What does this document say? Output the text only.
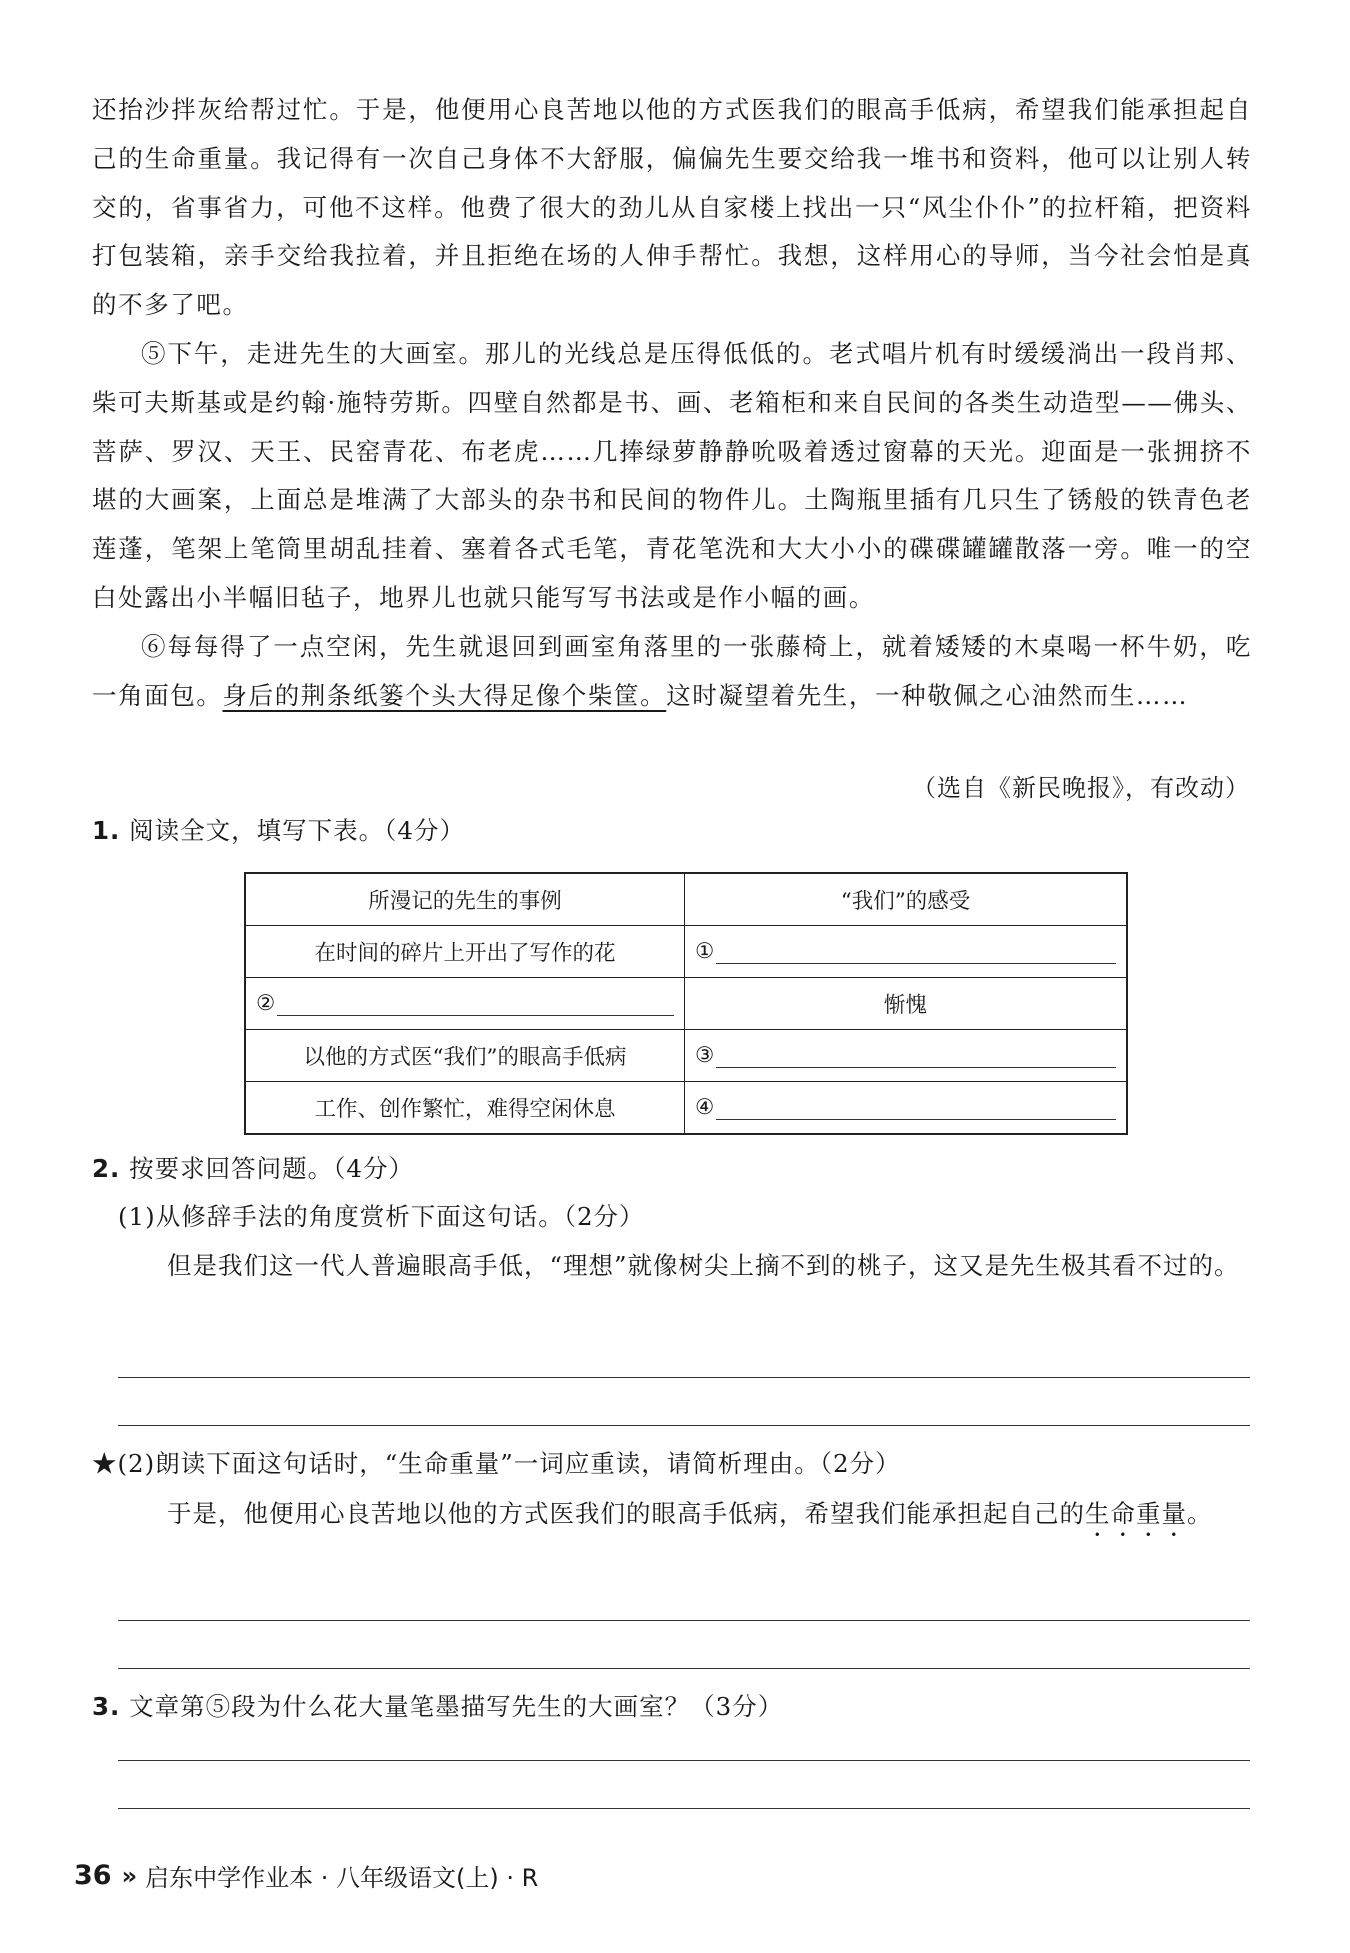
还抬沙拌灰给帮过忙。于是，他便用心良苦地以他的方式医我们的眼高手低病，希望我们能承担起自己的生命重量。我记得有一次自己身体不大舒服，偏偏先生要交给我一堆书和资料，他可以让别人转交的，省事省力，可他不这样。他费了很大的劲儿从自家楼上找出一只“风尘仆仆”的拉杆箱，把资料打包装箱，亲手交给我拉着，并且拒绝在场的人伸手帮忙。我想，这样用心的导师，当今社会怕是真的不多了吧。

⑤下午，走进先生的大画室。那儿的光线总是压得低低的。老式唱片机有时缓缓淌出一段肖邦、柴可夫斯基或是约翰·施特劳斯。四壁自然都是书、画、老箱柜和来自民间的各类生动造型——佛头、菩萨、罗汉、天王、民窑青花、布老虎……几捧绿萝静静吮吸着透过窗幕的天光。迎面是一张拥挤不堪的大画案，上面总是堆满了大部头的杂书和民间的物件儿。土陶瓶里插有几只生了锈般的铁青色老莲蓬，笔架上笔筒里胡乱挂着、塞着各式毛笔，青花笔洗和大大小小的碟碟罐罐散落一旁。唯一的空白处露出小半幅旧毡子，地界儿也就只能写写书法或是作小幅的画。

⑥每每得了一点空闲，先生就退回到画室角落里的一张藤椅上，就着矮矮的木桌喝一杯牛奶，吃一角面包。身后的荆条纸篓个头大得足像个柴筐。这时凝望着先生，一种敬佩之心油然而生……

（选自《新民晚报》，有改动）
1. 阅读全文，填写下表。（4分）
所漫记的先生的事例	“我们”的感受
在时间的碎片上开出了写作的花	①

②	惭愧
以他的方式医“我们”的眼高手低病	③

工作、创作繁忙，难得空闲休息	④
2. 按要求回答问题。（4分）
(1)从修辞手法的角度赏析下面这句话。（2分）
但是我们这一代人普遍眼高手低，“理想”就像树尖上摘不到的桃子，这又是先生极其看不过的。
★(2)朗读下面这句话时，“生命重量”一词应重读，请简析理由。（2分）
于是，他便用心良苦地以他的方式医我们的眼高手低病，希望我们能承担起自己的生命重量。
3. 文章第⑤段为什么花大量笔墨描写先生的大画室？（3分）
36 » 启东中学作业本 · 八年级语文(上) · R
